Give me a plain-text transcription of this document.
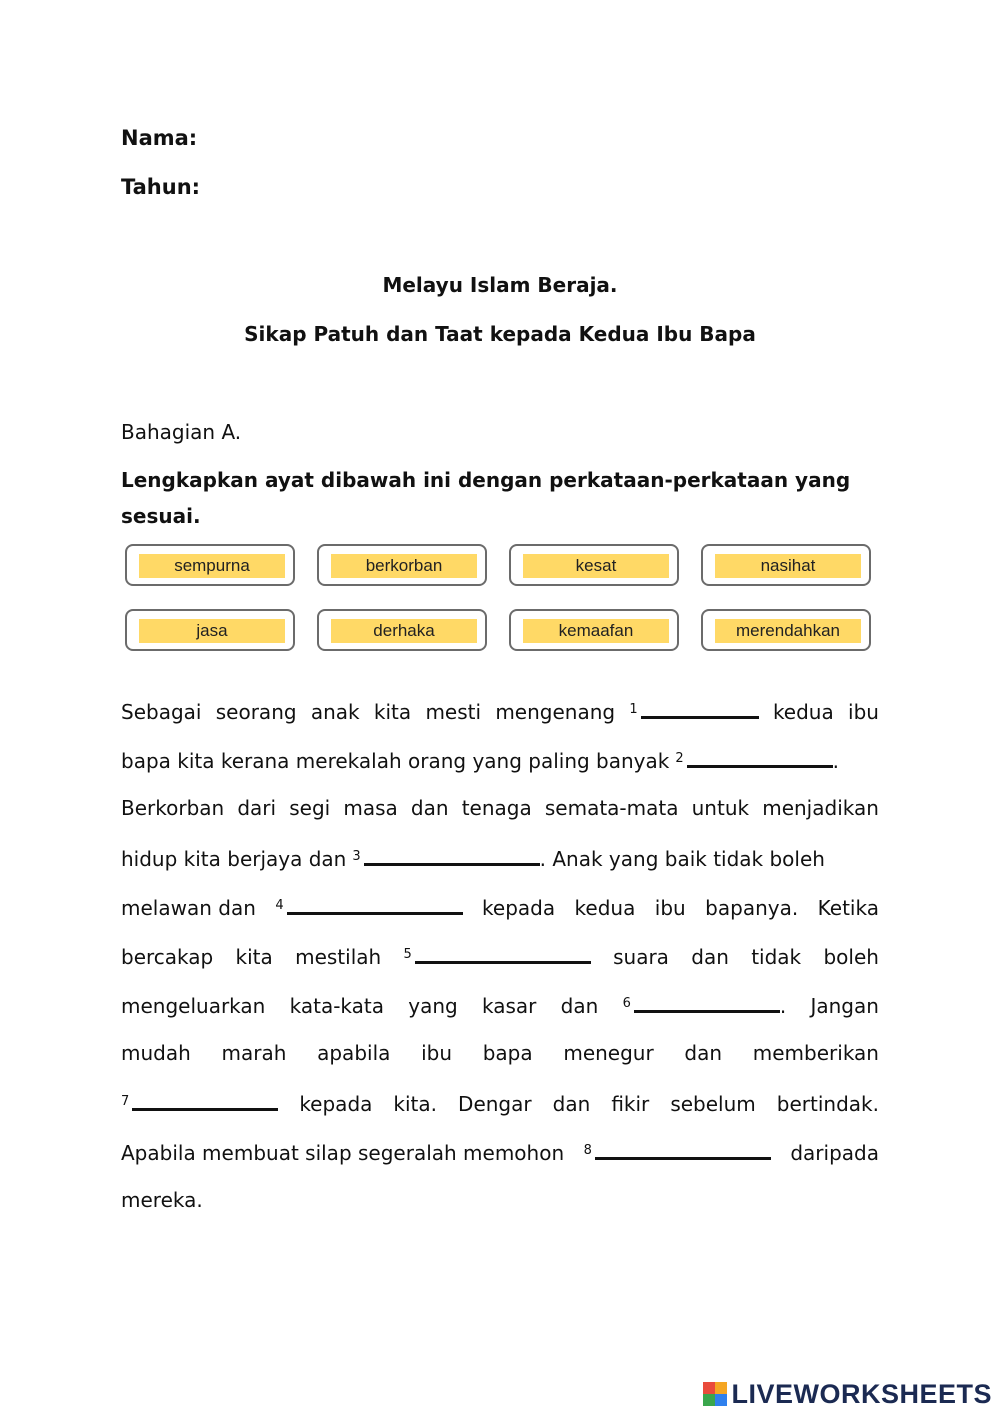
Nama:
Tahun:
Melayu Islam Beraja.
Sikap Patuh dan Taat kepada Kedua Ibu Bapa
Bahagian A.
Lengkapkan ayat dibawah ini dengan perkataan-perkataan yang sesuai.
sempurna	berkorban	kesat	nasihat
jasa	derhaka	kemaafan	merendahkan
Sebagai seorang anak kita mesti mengenang $^1$	kedua ibu
bapa kita kerana merekalah orang yang paling banyak $^2$	.
Berkorban dari segi masa dan tenaga semata-mata untuk menjadikan
hidup kita berjaya dan $^3$	. Anak yang baik tidak boleh
melawan dan $^4$	kepada kedua ibu bapanya. Ketika
bercakap kita mestilah $^5$	suara dan tidak boleh
mengeluarkan kata-kata yang kasar dan $^6$	. Jangan
mudah marah apabila ibu bapa menegur dan memberikan
$^7$	kepada kita. Dengar dan fikir sebelum bertindak.
Apabila membuat silap segeralah memohon $^8$	daripada
mereka.
LIVEWORKSHEETS
